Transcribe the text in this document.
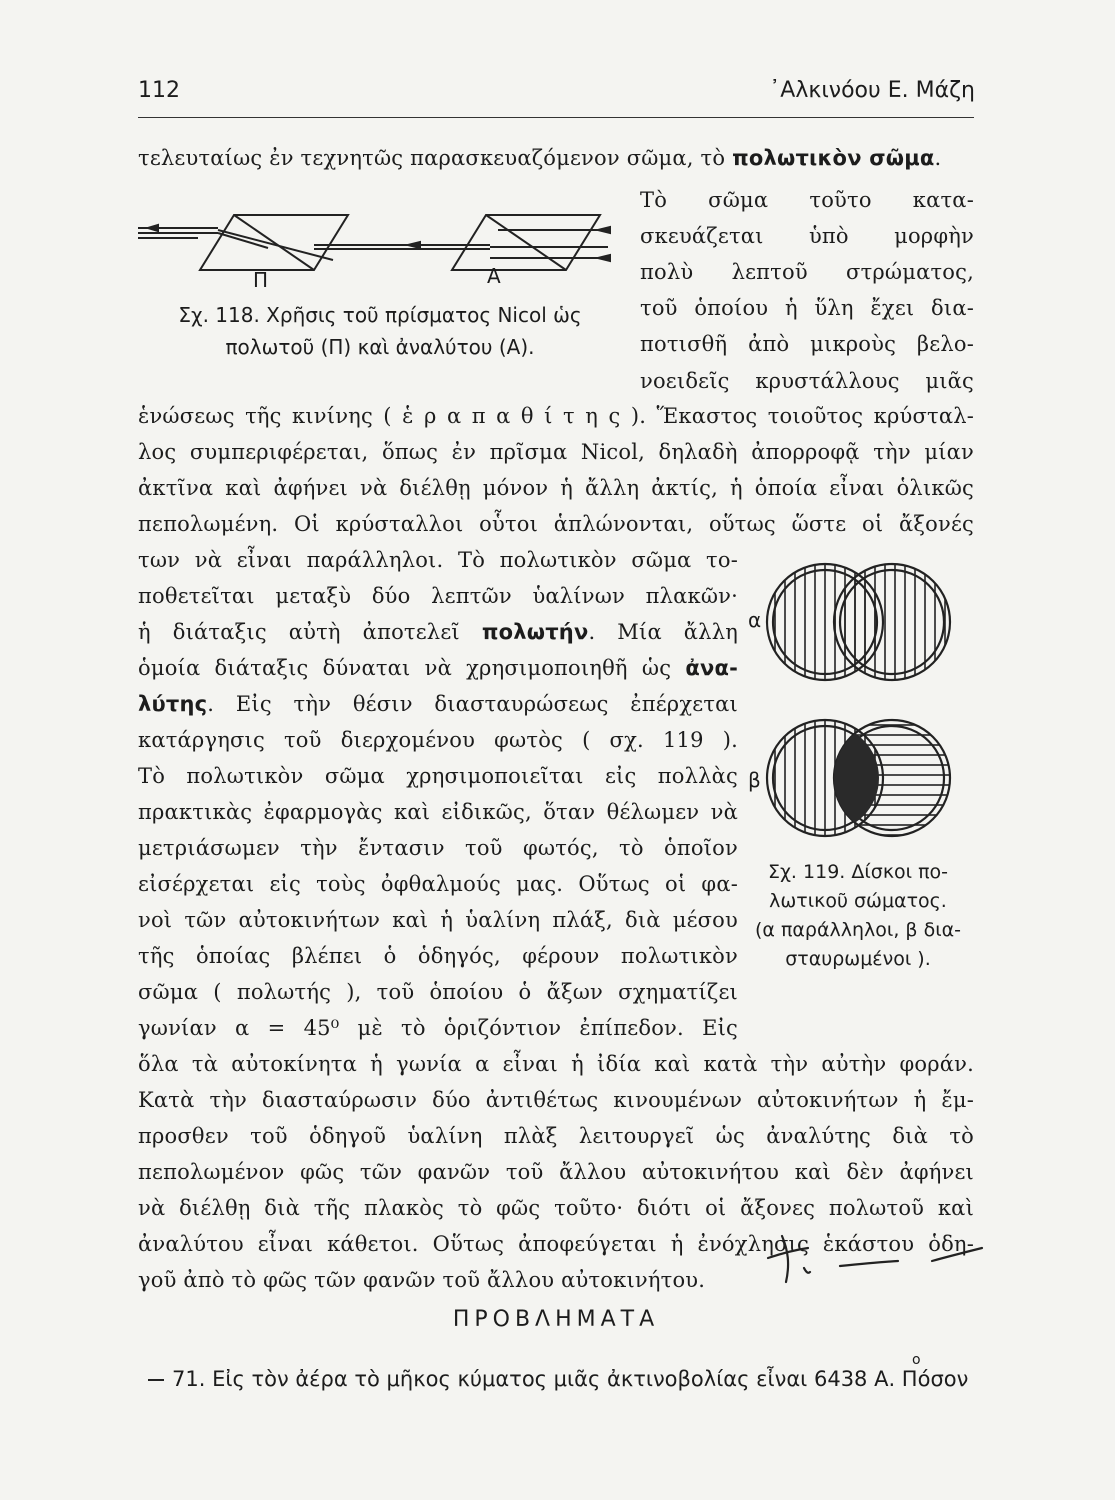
112	᾽Αλκινόου Ε. Μάζη
τελευταίως ἐν τεχνητῶς παρασκευαζόμενον σῶμα, τὸ πολωτικὸν σῶμα.
Π	Α
Σχ. 118. Χρῆσις τοῦ πρίσματος Nicol ὡς
πολωτοῦ (Π) καὶ ἀναλύτου (Α).
Τὸ σῶμα τοῦτο κατα-
σκευάζεται ὑπὸ μορφὴν
πολὺ λεπτοῦ στρώματος,
τοῦ ὁποίου ἡ ὕλη ἔχει δια-
ποτισθῆ ἀπὸ μικροὺς βελο-
νοειδεῖς κρυστάλλους μιᾶς
ἑνώσεως τῆς κινίνης ( ἑ ρ α π α θ ί τ η ς ). Ἕκαστος τοιοῦτος κρύσταλ-
λος συμπεριφέρεται, ὅπως ἐν πρῖσμα Nicol, δηλαδὴ ἀπορροφᾷ τὴν μίαν
ἀκτῖνα καὶ ἀφήνει νὰ διέλθῃ μόνον ἡ ἄλλη ἀκτίς, ἡ ὁποία εἶναι ὁλικῶς
πεπολωμένη. Οἱ κρύσταλλοι οὗτοι ἁπλώνονται, οὕτως ὥστε οἱ ἄξονές
των νὰ εἶναι παράλληλοι. Τὸ πολωτικὸν σῶμα το-
ποθετεῖται μεταξὺ δύο λεπτῶν ὑαλίνων πλακῶν·
ἡ διάταξις αὐτὴ ἀποτελεῖ πολωτήν. Μία ἄλλη
ὁμοία διάταξις δύναται νὰ χρησιμοποιηθῆ ὡς ἀνα-
λύτης. Εἰς τὴν θέσιν διασταυρώσεως ἐπέρχεται
κατάργησις τοῦ διερχομένου φωτὸς ( σχ. 119 ).
Τὸ πολωτικὸν σῶμα χρησιμοποιεῖται εἰς πολλὰς
πρακτικὰς ἐφαρμογὰς καὶ εἰδικῶς, ὅταν θέλωμεν νὰ
μετριάσωμεν τὴν ἔντασιν τοῦ φωτός, τὸ ὁποῖον
εἰσέρχεται εἰς τοὺς ὀφθαλμούς μας. Οὕτως οἱ φα-
νοὶ τῶν αὐτοκινήτων καὶ ἡ ὑαλίνη πλάξ, διὰ μέσου
τῆς ὁποίας βλέπει ὁ ὁδηγός, φέρουν πολωτικὸν
σῶμα ( πολωτής ), τοῦ ὁποίου ὁ ἄξων σχηματίζει
γωνίαν α = 45⁰ μὲ τὸ ὁριζόντιον ἐπίπεδον. Εἰς
α
β
Σχ. 119. Δίσκοι πο-
λωτικοῦ σώματος.
(α παράλληλοι, β δια-
σταυρωμένοι ).
ὅλα τὰ αὐτοκίνητα ἡ γωνία α εἶναι ἡ ἰδία καὶ κατὰ τὴν αὐτὴν φοράν.
Κατὰ τὴν διασταύρωσιν δύο ἀντιθέτως κινουμένων αὐτοκινήτων ἡ ἔμ-
προσθεν τοῦ ὁδηγοῦ ὑαλίνη πλὰξ λειτουργεῖ ὡς ἀναλύτης διὰ τὸ
πεπολωμένον φῶς τῶν φανῶν τοῦ ἄλλου αὐτοκινήτου καὶ δὲν ἀφήνει
νὰ διέλθῃ διὰ τῆς πλακὸς τὸ φῶς τοῦτο· διότι οἱ ἄξονες πολωτοῦ καὶ
ἀναλύτου εἶναι κάθετοι. Οὕτως ἀποφεύγεται ἡ ἐνόχλησις ἑκάστου ὁδη-
γοῦ ἀπὸ τὸ φῶς τῶν φανῶν τοῦ ἄλλου αὐτοκινήτου.
ΠΡΟΒΛΗΜΑΤΑ
o
71. Εἰς τὸν ἀέρα τὸ μῆκος κύματος μιᾶς ἀκτινοβολίας εἶναι 6438 Α. Πόσον
